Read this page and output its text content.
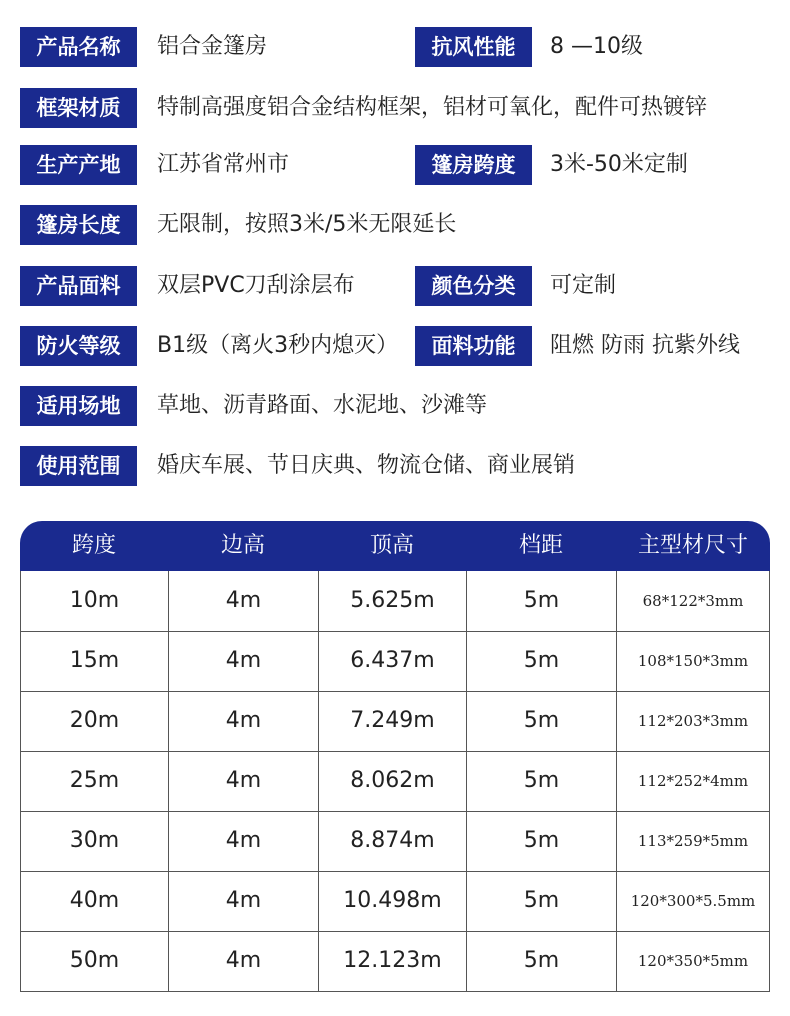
产品名称	铝合金篷房	抗风性能	8 —10级
框架材质	特制高强度铝合金结构框架，铝材可氧化，配件可热镀锌
生产产地	江苏省常州市	篷房跨度	3米-50米定制
篷房长度	无限制，按照3米/5米无限延长
产品面料	双层PVC刀刮涂层布	颜色分类	可定制
防火等级	B1级（离火3秒内熄灭）	面料功能	阻燃 防雨 抗紫外线
适用场地	草地、沥青路面、水泥地、沙滩等
使用范围	婚庆车展、节日庆典、物流仓储、商业展销
跨度	边高	顶高	档距	主型材尺寸
10m	4m	5.625m	5m	68*122*3mm
15m	4m	6.437m	5m	108*150*3mm
20m	4m	7.249m	5m	112*203*3mm
25m	4m	8.062m	5m	112*252*4mm
30m	4m	8.874m	5m	113*259*5mm
40m	4m	10.498m	5m	120*300*5.5mm
50m	4m	12.123m	5m	120*350*5mm
